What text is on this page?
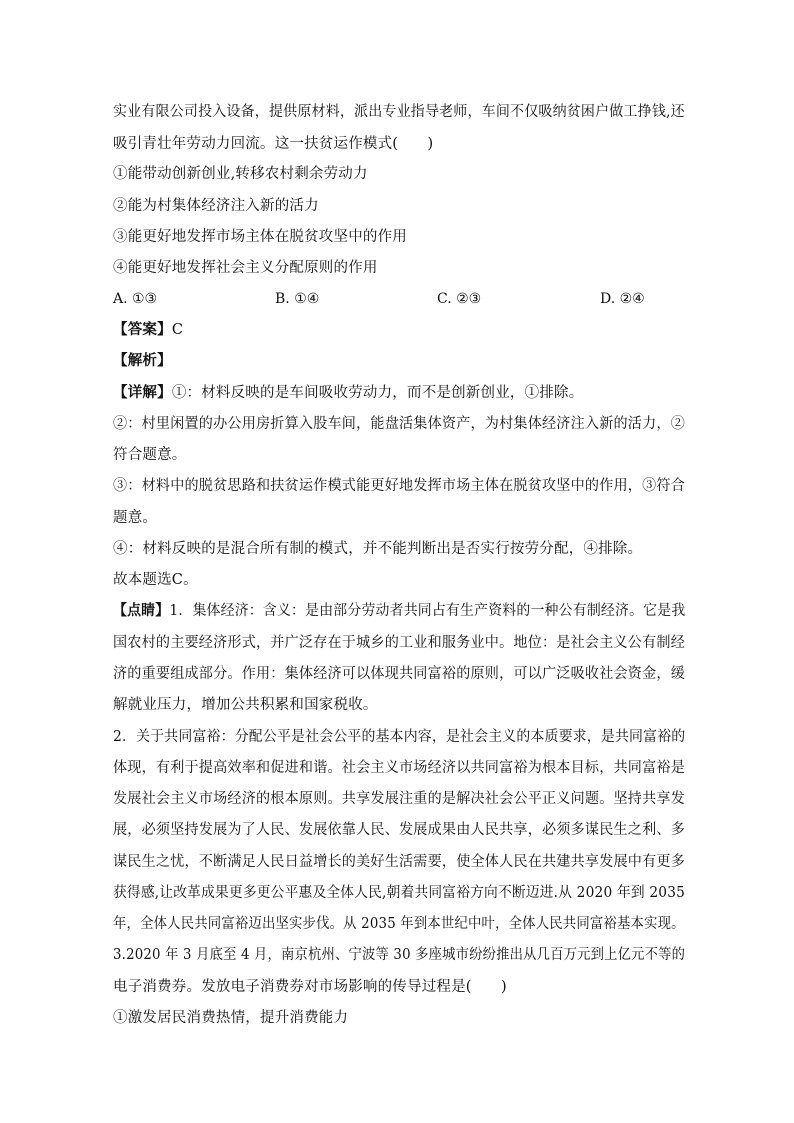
实业有限公司投入设备，提供原材料，派出专业指导老师，车间不仅吸纳贫困户做工挣钱,还
吸引青壮年劳动力回流。这一扶贫运作模式(　　)
①能带动创新创业,转移农村剩余劳动力
②能为村集体经济注入新的活力
③能更好地发挥市场主体在脱贫攻坚中的作用
④能更好地发挥社会主义分配原则的作用
A. ①③	B. ①④	C. ②③	D. ②④
【答案】C
【解析】
【详解】①：材料反映的是车间吸收劳动力，而不是创新创业，①排除。
②：村里闲置的办公用房折算入股车间，能盘活集体资产，为村集体经济注入新的活力，②
符合题意。
③：材料中的脱贫思路和扶贫运作模式能更好地发挥市场主体在脱贫攻坚中的作用，③符合
题意。
④：材料反映的是混合所有制的模式，并不能判断出是否实行按劳分配，④排除。
故本题选C。
【点睛】1．集体经济：含义：是由部分劳动者共同占有生产资料的一种公有制经济。它是我
国农村的主要经济形式，并广泛存在于城乡的工业和服务业中。地位：是社会主义公有制经
济的重要组成部分。作用：集体经济可以体现共同富裕的原则，可以广泛吸收社会资金，缓
解就业压力，增加公共积累和国家税收。
2．关于共同富裕：分配公平是社会公平的基本内容，是社会主义的本质要求，是共同富裕的
体现，有利于提高效率和促进和谐。社会主义市场经济以共同富裕为根本目标，共同富裕是
发展社会主义市场经济的根本原则。共享发展注重的是解决社会公平正义问题。坚持共享发
展，必须坚持发展为了人民、发展依靠人民、发展成果由人民共享，必须多谋民生之利、多
谋民生之忧，不断满足人民日益增长的美好生活需要，使全体人民在共建共享发展中有更多
获得感,让改革成果更多更公平惠及全体人民,朝着共同富裕方向不断迈进.从 2020 年到 2035
年，全体人民共同富裕迈出坚实步伐。从 2035 年到本世纪中叶，全体人民共同富裕基本实现。
3.2020 年 3 月底至 4 月，南京杭州、宁波等 30 多座城市纷纷推出从几百万元到上亿元不等的
电子消费券。发放电子消费券对市场影响的传导过程是(　　)
①激发居民消费热情，提升消费能力
